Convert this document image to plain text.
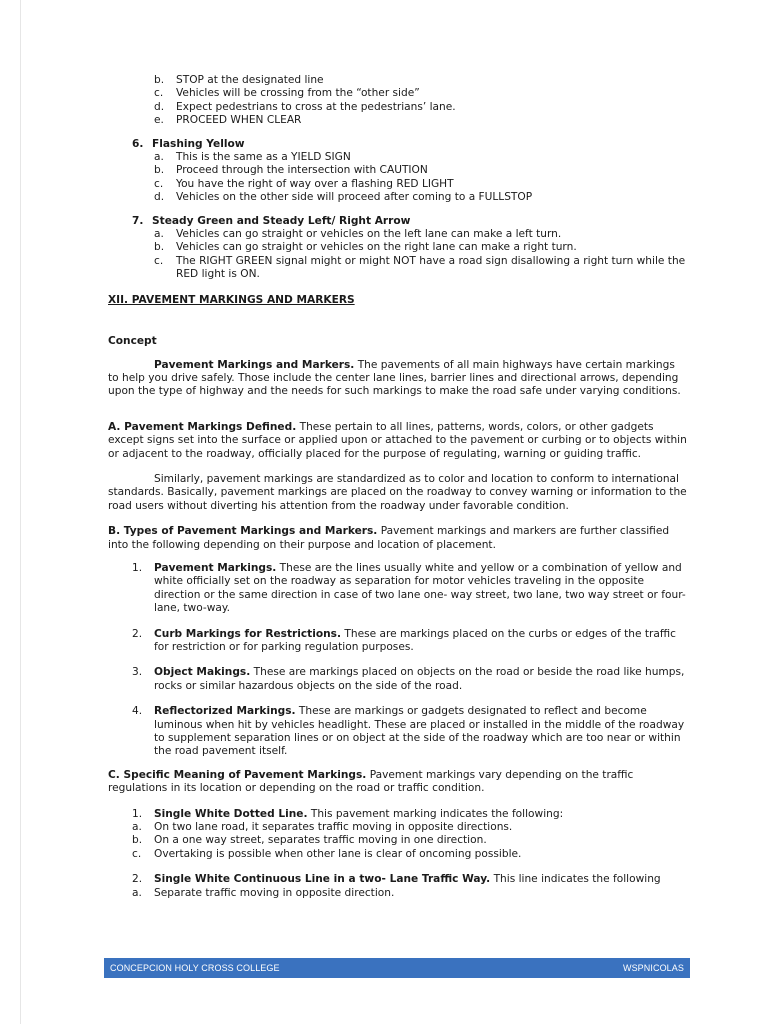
b.	STOP at the designated line
c.	Vehicles will be crossing from the “other side”
d.	Expect pedestrians to cross at the pedestrians’ lane.
e.	PROCEED WHEN CLEAR
6. Flashing Yellow
a.	This is the same as a YIELD SIGN
b.	Proceed through the intersection with CAUTION
c.	You have the right of way over a flashing RED LIGHT
d.	Vehicles on the other side will proceed after coming to a FULLSTOP
7. Steady Green and Steady Left/ Right Arrow
a.	Vehicles can go straight or vehicles on the left lane can make a left turn.
b.	Vehicles can go straight or vehicles on the right lane can make a right turn.
c.	The RIGHT GREEN signal might or might NOT have a road sign disallowing a right turn while the RED light is ON.
XII. PAVEMENT MARKINGS AND MARKERS
Concept

Pavement Markings and Markers. The pavements of all main highways have certain markings to help you drive safely. Those include the center lane lines, barrier lines and directional arrows, depending upon the type of highway and the needs for such markings to make the road safe under varying conditions.

A. Pavement Markings Defined. These pertain to all lines, patterns, words, colors, or other gadgets except signs set into the surface or applied upon or attached to the pavement or curbing or to objects within or adjacent to the roadway, officially placed for the purpose of regulating, warning or guiding traffic.

Similarly, pavement markings are standardized as to color and location to conform to international standards. Basically, pavement markings are placed on the roadway to convey warning or information to the road users without diverting his attention from the roadway under favorable condition.

B. Types of Pavement Markings and Markers. Pavement markings and markers are further classified into the following depending on their purpose and location of placement.

1.	Pavement Markings. These are the lines usually white and yellow or a combination of yellow and white officially set on the roadway as separation for motor vehicles traveling in the opposite direction or the same direction in case of two lane one- way street, two lane, two way street or four- lane, two-way.
2.	Curb Markings for Restrictions. These are markings placed on the curbs or edges of the traffic for restriction or for parking regulation purposes.
3.	Object Makings. These are markings placed on objects on the road or beside the road like humps, rocks or similar hazardous objects on the side of the road.
4.	Reflectorized Markings. These are markings or gadgets designated to reflect and become luminous when hit by vehicles headlight. These are placed or installed in the middle of the roadway to supplement separation lines or on object at the side of the roadway which are too near or within the road pavement itself.

C. Specific Meaning of Pavement Markings. Pavement markings vary depending on the traffic regulations in its location or depending on the road or traffic condition.

1.	Single White Dotted Line. This pavement marking indicates the following:
a.	On two lane road, it separates traffic moving in opposite directions.
b.	On a one way street, separates traffic moving in one direction.
c.	Overtaking is possible when other lane is clear of oncoming possible.
2.	Single White Continuous Line in a two- Lane Traffic Way. This line indicates the following
a.	Separate traffic moving in opposite direction.
CONCEPCION HOLY CROSS COLLEGE	WSPNICOLAS
